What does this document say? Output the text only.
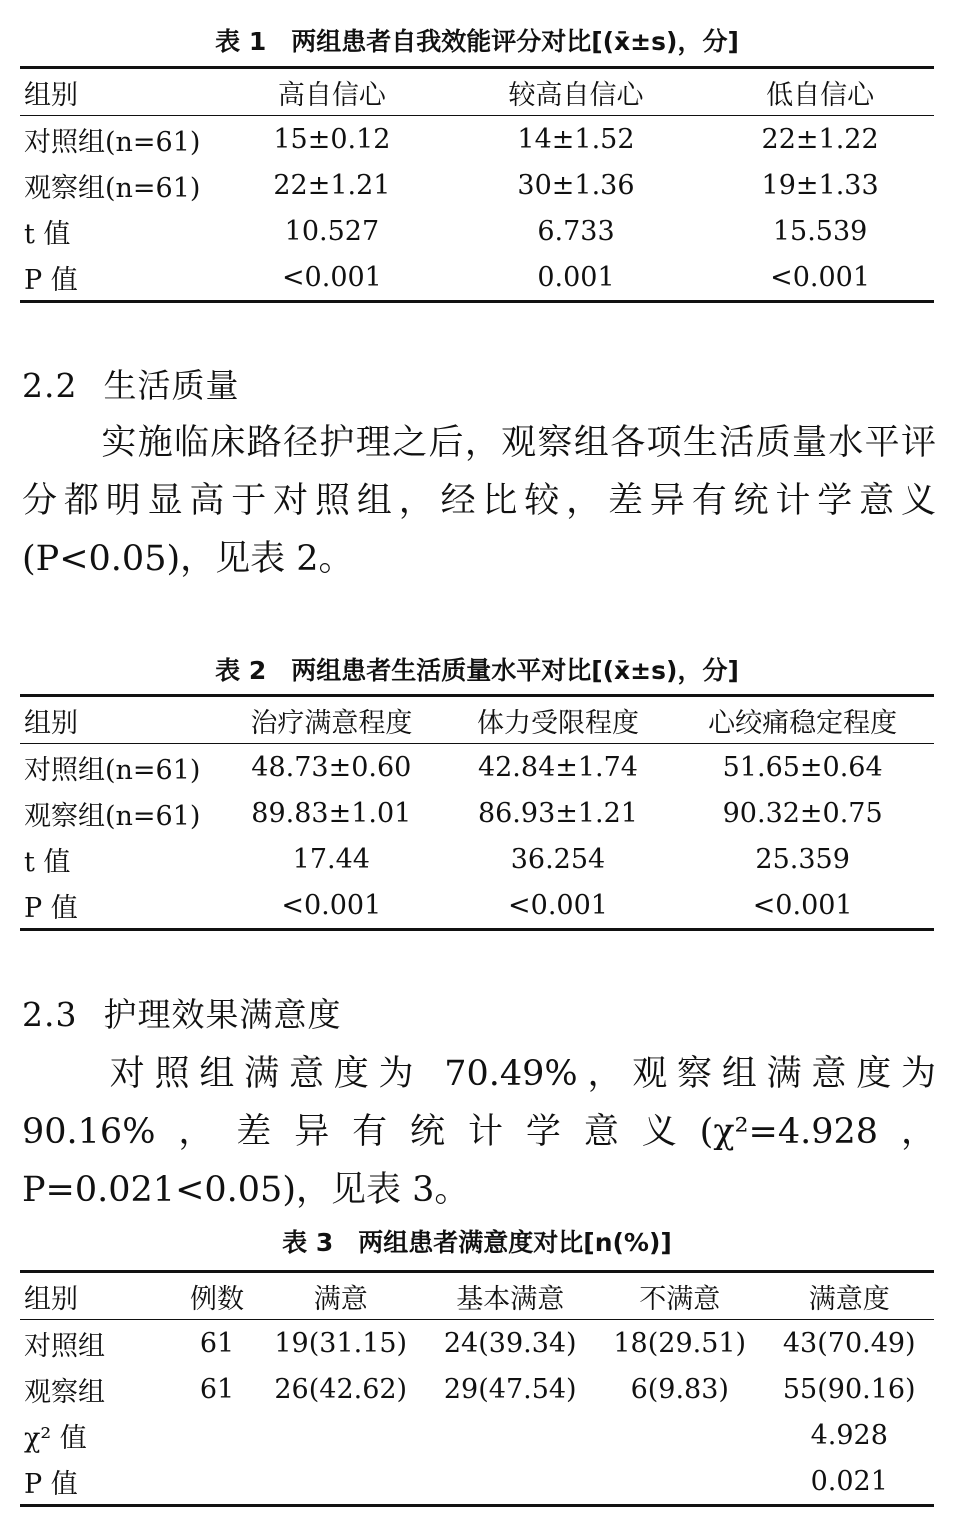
表 1　两组患者自我效能评分对比[(x̄±s)，分]
组别	高自信心	较高自信心	低自信心
对照组(n=61)	15±0.12	14±1.52	22±1.22
观察组(n=61)	22±1.21	30±1.36	19±1.33
t 值	10.527	6.733	15.539
P 值	<0.001	0.001	<0.001
2.2 生活质量

实施临床路径护理之后，观察组各项生活质量水平评分都明显高于对照组，经比较，差异有统计学意义(P<0.05)，见表 2。

表 2　两组患者生活质量水平对比[(x̄±s)，分]
组别	治疗满意程度	体力受限程度	心绞痛稳定程度
对照组(n=61)	48.73±0.60	42.84±1.74	51.65±0.64
观察组(n=61)	89.83±1.01	86.93±1.21	90.32±0.75
t 值	17.44	36.254	25.359
P 值	<0.001	<0.001	<0.001
2.3 护理效果满意度

对照组满意度为 70.49%，观察组满意度为90.16%，差异有统计学意义(χ²=4.928，P=0.021<0.05)，见表 3。

表 3　两组患者满意度对比[n(%)]
组别	例数	满意	基本满意	不满意	满意度
对照组	61	19(31.15)	24(39.34)	18(29.51)	43(70.49)
观察组	61	26(42.62)	29(47.54)	6(9.83)	55(90.16)
χ² 值					4.928
P 值					0.021
